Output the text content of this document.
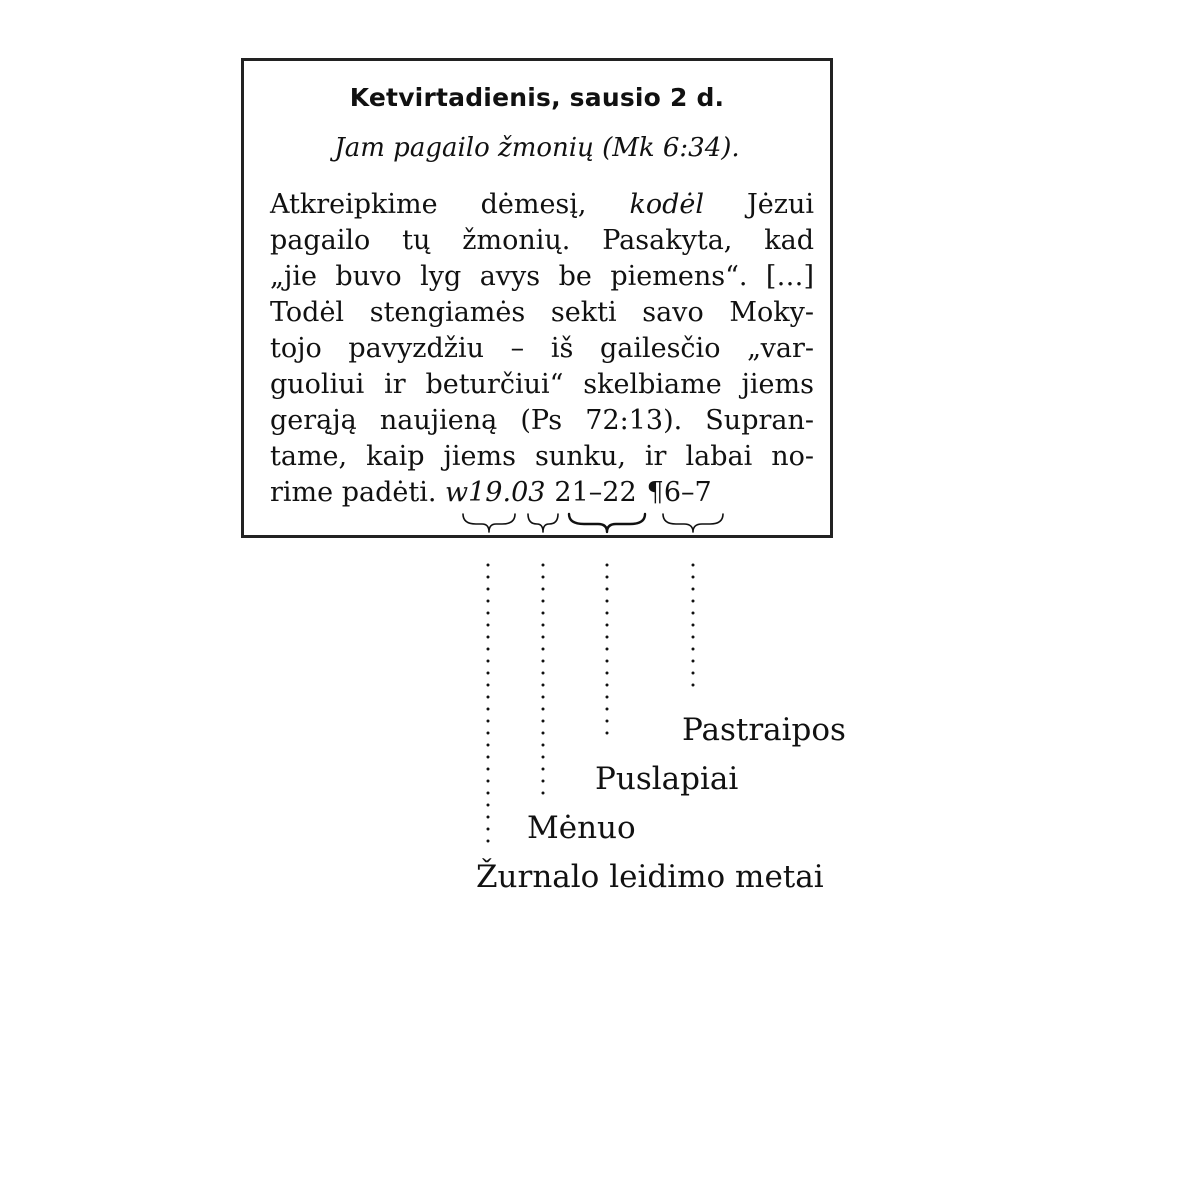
Ketvirtadienis, sausio 2 d.
Jam pagailo žmonių (Mk 6:34).
Atkreipkime dėmesį, kodėl Jėzui
pagailo tų žmonių. Pasakyta, kad
„jie buvo lyg avys be piemens“. […]
Todėl stengiamės sekti savo Moky-
tojo pavyzdžiu – iš gailesčio „var-
guoliui ir beturčiui“ skelbiame jiems
gerąją naujieną (Ps 72:13). Supran-
tame, kaip jiems sunku, ir labai no-
rime padėti. w19.03 21–22 ¶6–7
Pastraipos
Puslapiai
Mėnuo
Žurnalo leidimo metai
